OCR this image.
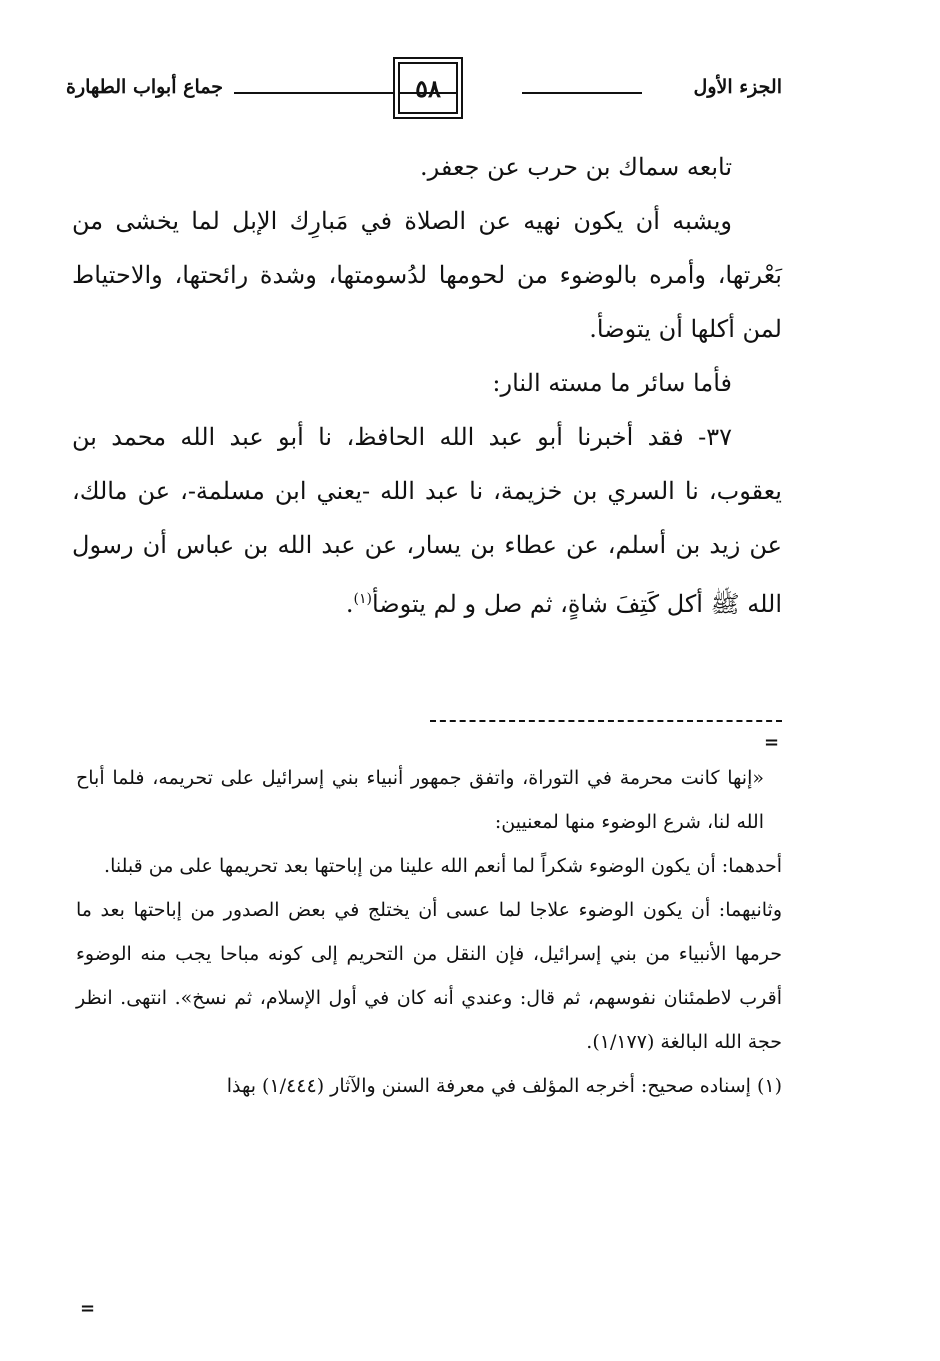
جماع أبواب الطهارة	٥٨	الجزء الأول

تابعه سماك بن حرب عن جعفر.

ويشبه أن يكون نهيه عن الصلاة في مَبارِك الإبل لما يخشى من بَعْرتها، وأمره بالوضوء من لحومها لدُسومتها، وشدة رائحتها، والاحتياط لمن أكلها أن يتوضأ.

فأما سائر ما مسته النار:

٣٧- فقد أخبرنا أبو عبد الله الحافظ، نا أبو عبد الله محمد بن يعقوب، نا السري بن خزيمة، نا عبد الله -يعني ابن مسلمة-، عن مالك، عن زيد بن أسلم، عن عطاء بن يسار، عن عبد الله بن عباس أن رسول الله ﷺ أكل كَتِفَ شاةٍ، ثم صل و لم يتوضأ$^{(١)}$.

=

«إنها كانت محرمة في التوراة، واتفق جمهور أنبياء بني إسرائيل على تحريمه، فلما أباح الله لنا، شرع الوضوء منها لمعنيين:

أحدهما: أن يكون الوضوء شكراً لما أنعم الله علينا من إباحتها بعد تحريمها على من قبلنا.

وثانيهما: أن يكون الوضوء علاجا لما عسى أن يختلج في بعض الصدور من إباحتها بعد ما حرمها الأنبياء من بني إسرائيل، فإن النقل من التحريم إلى كونه مباحا يجب منه الوضوء أقرب لاطمئنان نفوسهم، ثم قال: وعندي أنه كان في أول الإسلام، ثم نسخ». انتهى. انظر حجة الله البالغة (١/١٧٧).

(١) إسناده صحيح: أخرجه المؤلف في معرفة السنن والآثار (١/٤٤٤) بهذا

=
